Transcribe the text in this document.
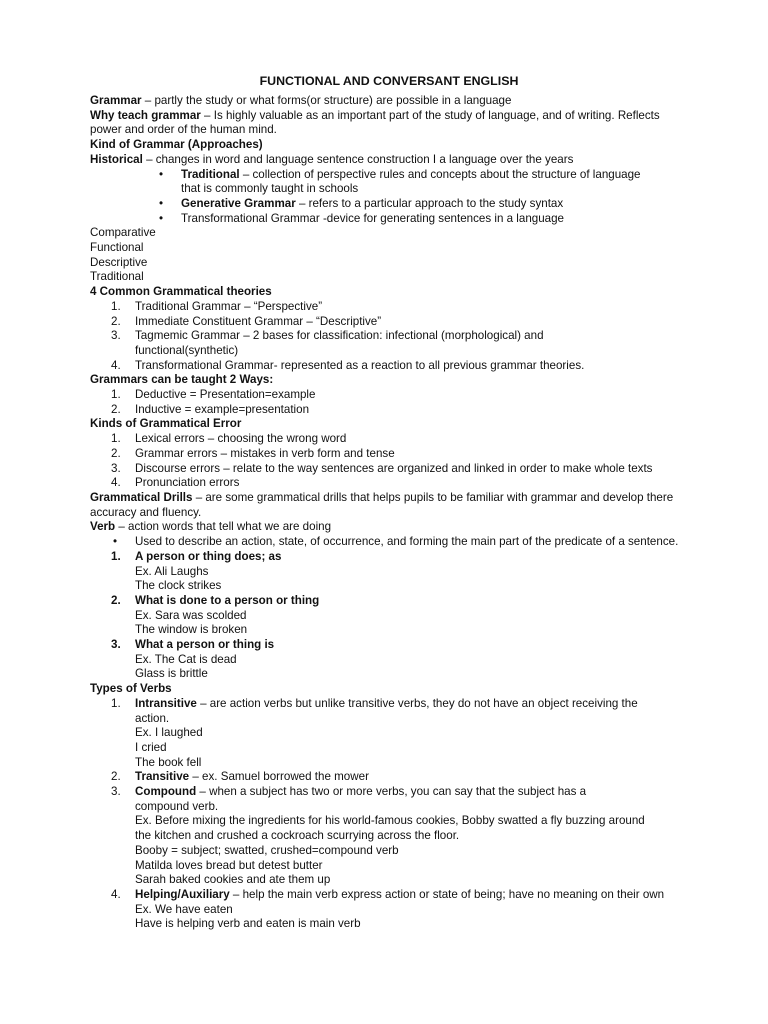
FUNCTIONAL AND CONVERSANT ENGLISH

Grammar – partly the study or what forms(or structure) are possible in a language

Why teach grammar – Is highly valuable as an important part of the study of language, and of writing. Reflects power and order of the human mind.

Kind of Grammar (Approaches)

Historical – changes in word and language sentence construction I a language over the years

• Traditional – collection of perspective rules and concepts about the structure of language that is commonly taught in schools
• Generative Grammar – refers to a particular approach to the study syntax
• Transformational Grammar -device for generating sentences in a language

Comparative

Functional

Descriptive

Traditional

4 Common Grammatical theories

1. Traditional Grammar – “Perspective”
2. Immediate Constituent Grammar – “Descriptive”
3. Tagmemic Grammar – 2 bases for classification: infectional (morphological) and functional(synthetic)
4. Transformational Grammar- represented as a reaction to all previous grammar theories.

Grammars can be taught 2 Ways:

1. Deductive = Presentation=example
2. Inductive = example=presentation

Kinds of Grammatical Error

1. Lexical errors – choosing the wrong word
2. Grammar errors – mistakes in verb form and tense
3. Discourse errors – relate to the way sentences are organized and linked in order to make whole texts
4. Pronunciation errors

Grammatical Drills – are some grammatical drills that helps pupils to be familiar with grammar and develop there accuracy and fluency.

Verb – action words that tell what we are doing

• Used to describe an action, state, of occurrence, and forming the main part of the predicate of a sentence.
1. A person or thing does; as
Ex. Ali Laughs
The clock strikes
2. What is done to a person or thing
Ex. Sara was scolded
The window is broken
3. What a person or thing is
Ex. The Cat is dead
Glass is brittle

Types of Verbs

1. Intransitive – are action verbs but unlike transitive verbs, they do not have an object receiving the action.
Ex. I laughed
I cried
The book fell
2. Transitive – ex. Samuel borrowed the mower
3. Compound – when a subject has two or more verbs, you can say that the subject has a compound verb.
Ex. Before mixing the ingredients for his world-famous cookies, Bobby swatted a fly buzzing around the kitchen and crushed a cockroach scurrying across the floor.
Booby = subject; swatted, crushed=compound verb
Matilda loves bread but detest butter
Sarah baked cookies and ate them up
4. Helping/Auxiliary – help the main verb express action or state of being; have no meaning on their own
Ex. We have eaten
Have is helping verb and eaten is main verb
